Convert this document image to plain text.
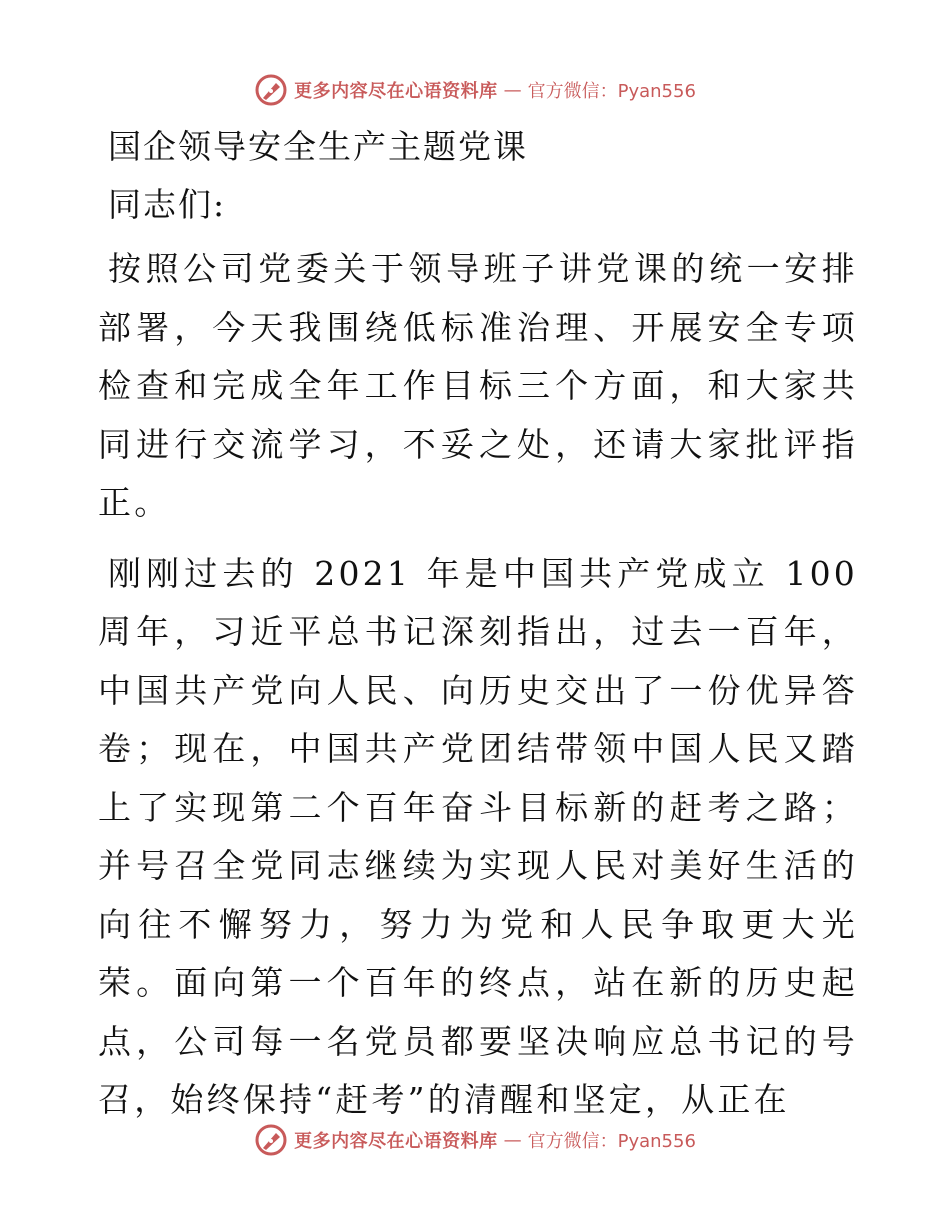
更多内容尽在心语资料库 — 官方微信：Pyan556
国企领导安全生产主题党课
同志们:

按照公司党委关于领导班子讲党课的统一安排部署，今天我围绕低标准治理、开展安全专项检查和完成全年工作目标三个方面，和大家共同进行交流学习，不妥之处，还请大家批评指正。

刚刚过去的 2021 年是中国共产党成立 100 周年，习近平总书记深刻指出，过去一百年，中国共产党向人民、向历史交出了一份优异答卷；现在，中国共产党团结带领中国人民又踏上了实现第二个百年奋斗目标新的赶考之路；并号召全党同志继续为实现人民对美好生活的向往不懈努力，努力为党和人民争取更大光荣。面向第一个百年的终点，站在新的历史起点，公司每一名党员都要坚决响应总书记的号召，始终保持“赶考”的清醒和坚定，从正在

更多内容尽在心语资料库 — 官方微信：Pyan556
